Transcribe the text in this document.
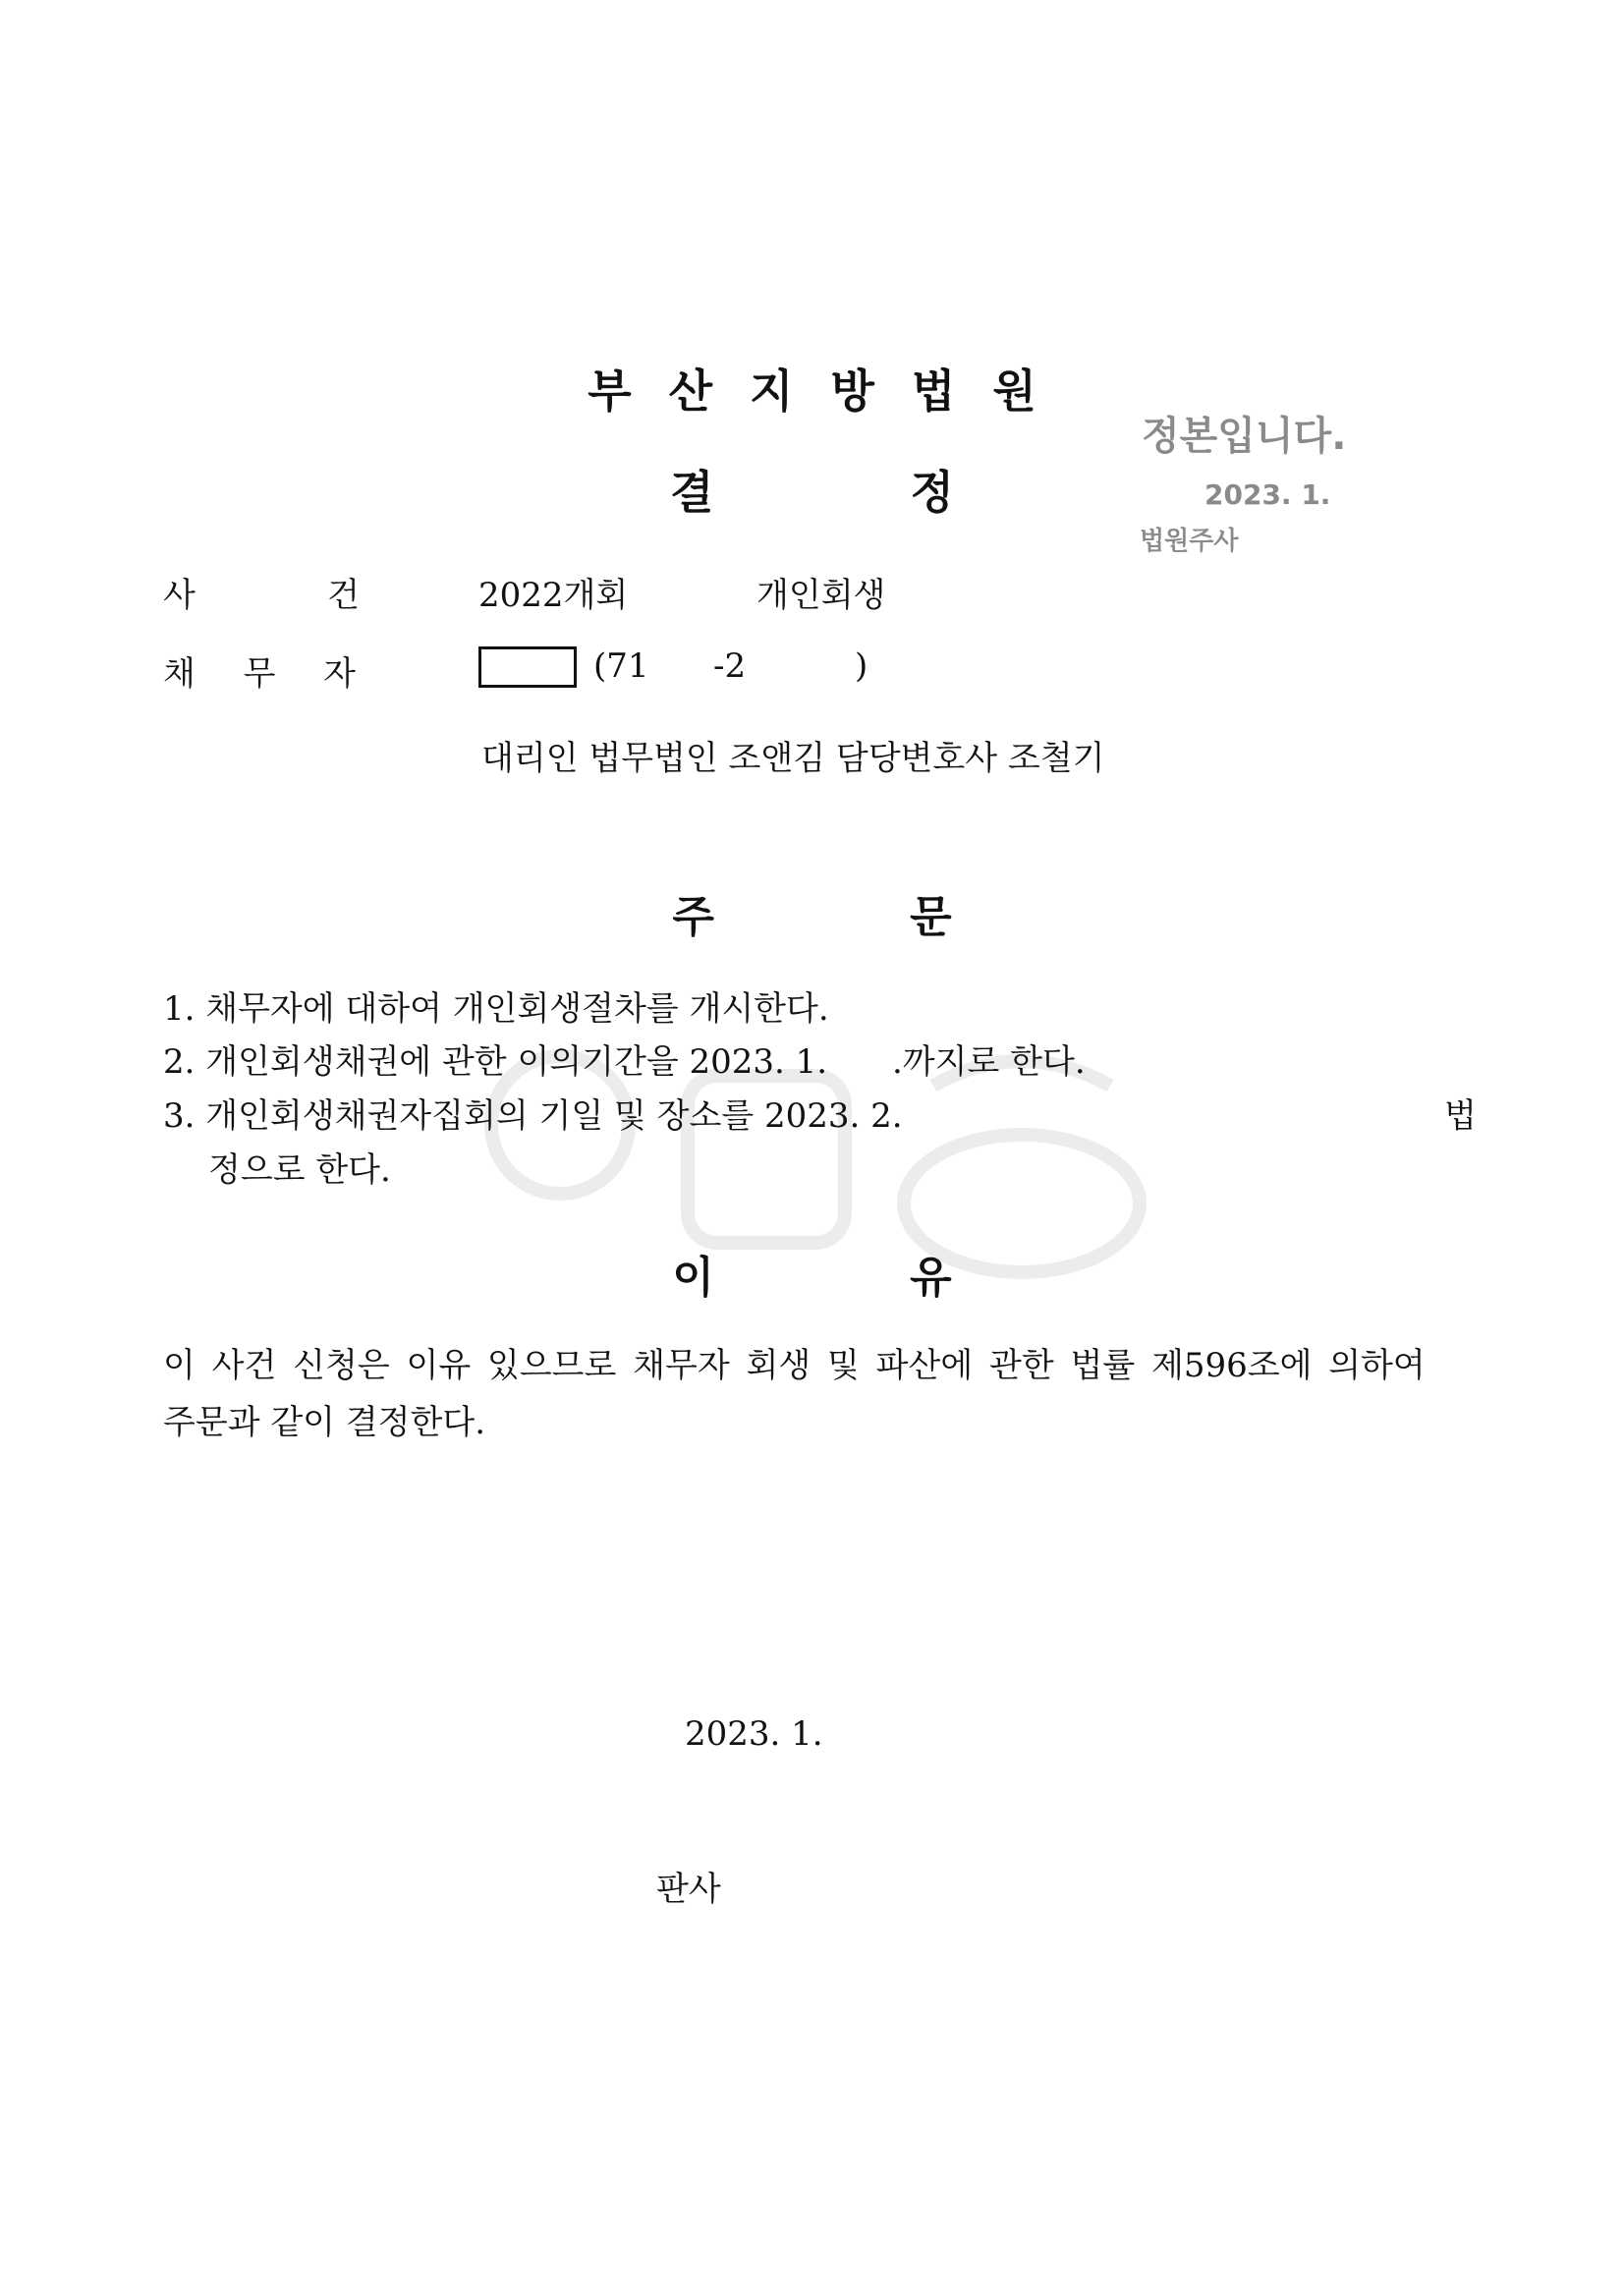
부산지방법원
결	정
정본입니다.
2023. 1.
법원주사
사	건	2022개회	개인회생
채 무 자	(71 -2	)
대리인 법무법인 조앤김 담당변호사 조철기
주	문
1. 채무자에 대하여 개인회생절차를 개시한다.
2. 개인회생채권에 관한 이의기간을 2023. 1. .까지로 한다.
3. 개인회생채권자집회의 기일 및 장소를 2023. 2.	법
정으로 한다.
이	유
이 사건 신청은 이유 있으므로 채무자 회생 및 파산에 관한 법률 제596조에 의하여
주문과 같이 결정한다.
2023. 1.
판사
